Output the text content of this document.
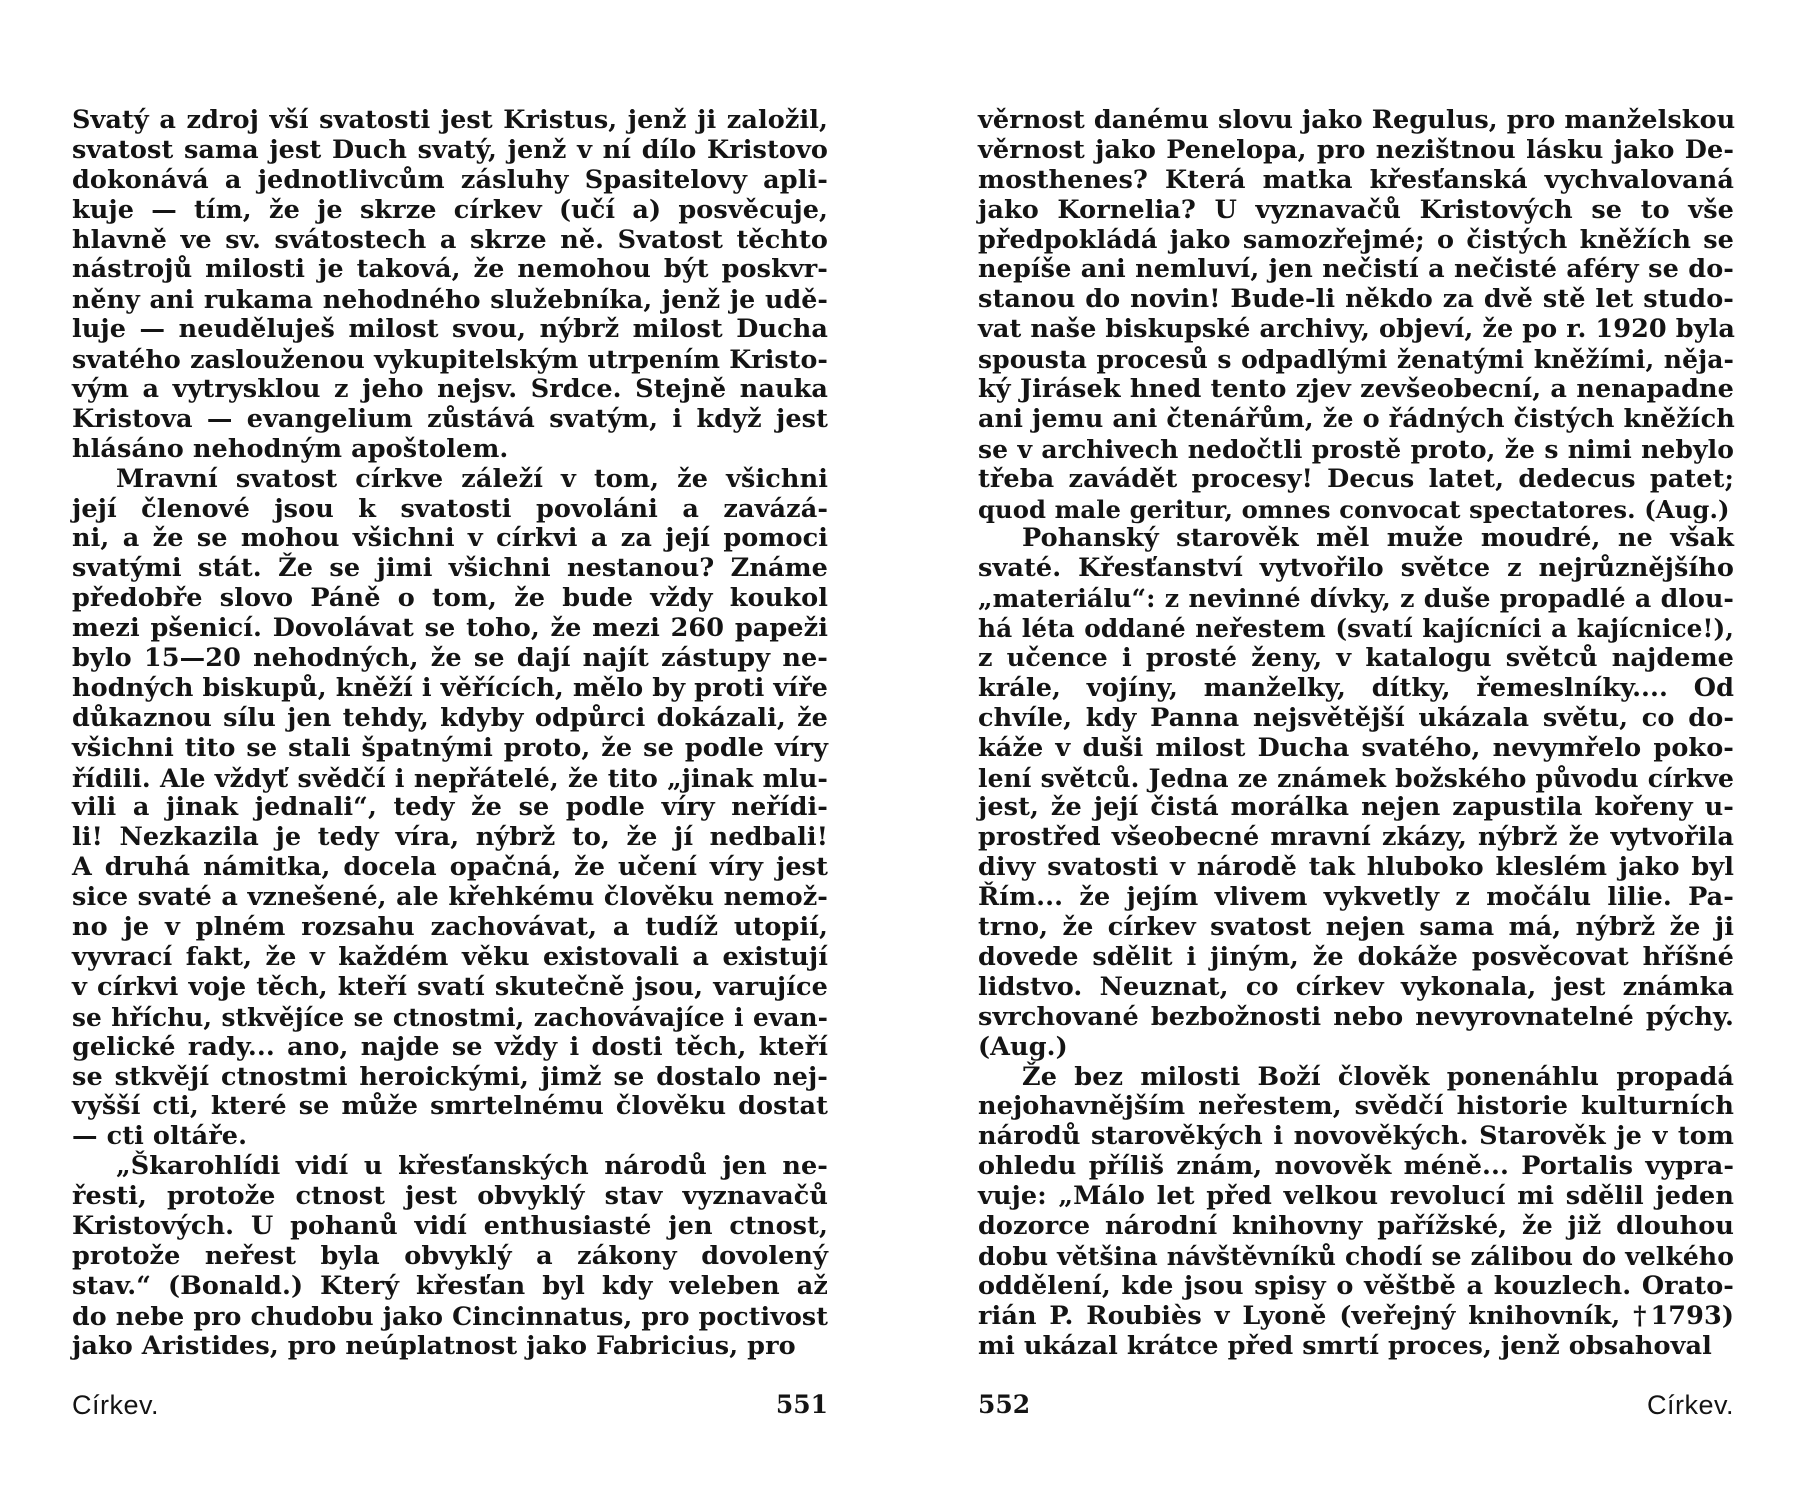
Svatý a zdroj vší svatosti jest Kristus, jenž ji založil,
svatost sama jest Duch svatý, jenž v ní dílo Kristovo
dokonává a jednotlivcům zásluhy Spasitelovy apli-
kuje — tím, že je skrze církev (učí a) posvěcuje,
hlavně ve sv. svátostech a skrze ně. Svatost těchto
nástrojů milosti je taková, že nemohou být poskvr-
něny ani rukama nehodného služebníka, jenž je udě-
luje — neuděluješ milost svou, nýbrž milost Ducha
svatého zaslouženou vykupitelským utrpením Kristo-
vým a vytrysklou z jeho nejsv. Srdce. Stejně nauka
Kristova — evangelium zůstává svatým, i když jest
hlásáno nehodným apoštolem.
Mravní svatost církve záleží v tom, že všichni
její členové jsou k svatosti povoláni a zavázá-
ni, a že se mohou všichni v církvi a za její pomoci
svatými stát. Že se jimi všichni nestanou? Známe
předobře slovo Páně o tom, že bude vždy koukol
mezi pšenicí. Dovolávat se toho, že mezi 260 papeži
bylo 15—20 nehodných, že se dají najít zástupy ne-
hodných biskupů, kněží i věřících, mělo by proti víře
důkaznou sílu jen tehdy, kdyby odpůrci dokázali, že
všichni tito se stali špatnými proto, že se podle víry
řídili. Ale vždyť svědčí i nepřátelé, že tito „jinak mlu-
vili a jinak jednali“, tedy že se podle víry neřídi-
li! Nezkazila je tedy víra, nýbrž to, že jí nedbali!
A druhá námitka, docela opačná, že učení víry jest
sice svaté a vznešené, ale křehkému člověku nemož-
no je v plném rozsahu zachovávat, a tudíž utopií,
vyvrací fakt, že v každém věku existovali a existují
v církvi voje těch, kteří svatí skutečně jsou, varujíce
se hříchu, stkvějíce se ctnostmi, zachovávajíce i evan-
gelické rady... ano, najde se vždy i dosti těch, kteří
se stkvějí ctnostmi heroickými, jimž se dostalo nej-
vyšší cti, které se může smrtelnému člověku dostat
— cti oltáře.
„Škarohlídi vidí u křesťanských národů jen ne-
řesti, protože ctnost jest obvyklý stav vyznavačů
Kristových. U pohanů vidí enthusiasté jen ctnost,
protože neřest byla obvyklý a zákony dovolený
stav.“ (Bonald.) Který křesťan byl kdy veleben až
do nebe pro chudobu jako Cincinnatus, pro poctivost
jako Aristides, pro neúplatnost jako Fabricius, pro
Církev.	551
věrnost danému slovu jako Regulus, pro manželskou
věrnost jako Penelopa, pro nezištnou lásku jako De-
mosthenes? Která matka křesťanská vychvalovaná
jako Kornelia? U vyznavačů Kristových se to vše
předpokládá jako samozřejmé; o čistých kněžích se
nepíše ani nemluví, jen nečistí a nečisté aféry se do-
stanou do novin! Bude-li někdo za dvě stě let studo-
vat naše biskupské archivy, objeví, že po r. 1920 byla
spousta procesů s odpadlými ženatými kněžími, něja-
ký Jirásek hned tento zjev zevšeobecní, a nenapadne
ani jemu ani čtenářům, že o řádných čistých kněžích
se v archivech nedočtli prostě proto, že s nimi nebylo
třeba zavádět procesy! Decus latet, dedecus patet;
quod male geritur, omnes convocat spectatores. (Aug.)
Pohanský starověk měl muže moudré, ne však
svaté. Křesťanství vytvořilo světce z nejrůznějšího
„materiálu“: z nevinné dívky, z duše propadlé a dlou-
há léta oddané neřestem (svatí kajícníci a kajícnice!),
z učence i prosté ženy, v katalogu světců najdeme
krále, vojíny, manželky, dítky, řemeslníky.... Od
chvíle, kdy Panna nejsvětější ukázala světu, co do-
káže v duši milost Ducha svatého, nevymřelo poko-
lení světců. Jedna ze známek božského původu církve
jest, že její čistá morálka nejen zapustila kořeny u-
prostřed všeobecné mravní zkázy, nýbrž že vytvořila
divy svatosti v národě tak hluboko kleslém jako byl
Řím... že jejím vlivem vykvetly z močálu lilie. Pa-
trno, že církev svatost nejen sama má, nýbrž že ji
dovede sdělit i jiným, že dokáže posvěcovat hříšné
lidstvo. Neuznat, co církev vykonala, jest známka
svrchované bezbožnosti nebo nevyrovnatelné pýchy.
(Aug.)
Že bez milosti Boží člověk ponenáhlu propadá
nejohavnějším neřestem, svědčí historie kulturních
národů starověkých i novověkých. Starověk je v tom
ohledu příliš znám, novověk méně... Portalis vypra-
vuje: „Málo let před velkou revolucí mi sdělil jeden
dozorce národní knihovny pařížské, že již dlouhou
dobu většina návštěvníků chodí se zálibou do velkého
oddělení, kde jsou spisy o věštbě a kouzlech. Orato-
rián P. Roubiès v Lyoně (veřejný knihovník, †1793)
mi ukázal krátce před smrtí proces, jenž obsahoval
552	Církev.
